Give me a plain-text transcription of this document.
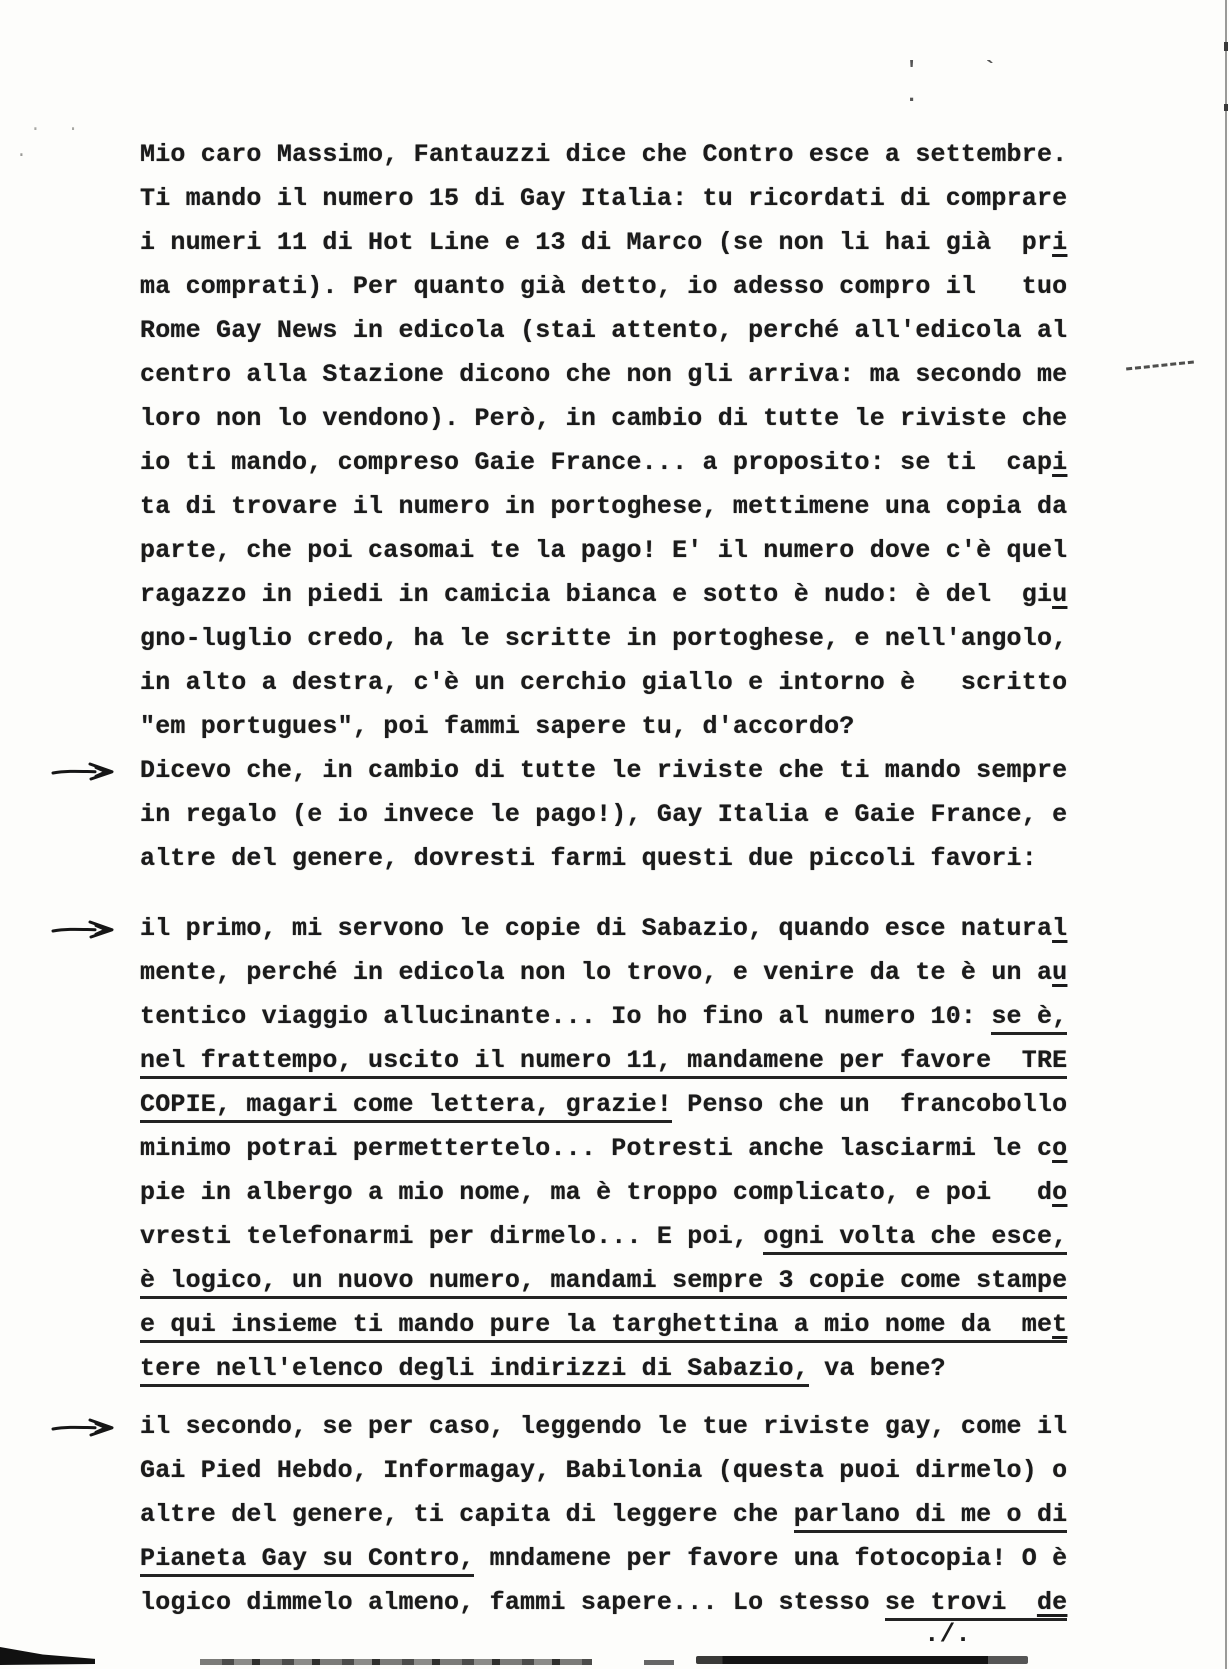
' ` .
. .
.	Mio caro Massimo, Fantauzzi dice che Contro esce a settembre.
Ti mando il numero 15 di Gay Italia: tu ricordati di comprare
i numeri 11 di Hot Line e 13 di Marco (se non li hai già  pri
ma comprati). Per quanto già detto, io adesso compro il   tuo
Rome Gay News in edicola (stai attento, perché all'edicola al
centro alla Stazione dicono che non gli arriva: ma secondo me
loro non lo vendono). Però, in cambio di tutte le riviste che
io ti mando, compreso Gaie France... a proposito: se ti  capi
ta di trovare il numero in portoghese, mettimene una copia da
parte, che poi casomai te la pago! E' il numero dove c'è quel
ragazzo in piedi in camicia bianca e sotto è nudo: è del  giu
gno-luglio credo, ha le scritte in portoghese, e nell'angolo,
in alto a destra, c'è un cerchio giallo e intorno è   scritto
"em portugues", poi fammi sapere tu, d'accordo?
Dicevo che, in cambio di tutte le riviste che ti mando sempre
in regalo (e io invece le pago!), Gay Italia e Gaie France, e
altre del genere, dovresti farmi questi due piccoli favori:
il primo, mi servono le copie di Sabazio, quando esce natural
mente, perché in edicola non lo trovo, e venire da te è un au
tentico viaggio allucinante... Io ho fino al numero 10: se è,
nel frattempo, uscito il numero 11, mandamene per favore  TRE
COPIE, magari come lettera, grazie! Penso che un  francobollo
minimo potrai permettertelo... Potresti anche lasciarmi le co
pie in albergo a mio nome, ma è troppo complicato, e poi   do
vresti telefonarmi per dirmelo... E poi, ogni volta che esce,
è logico, un nuovo numero, mandami sempre 3 copie come stampe
e qui insieme ti mando pure la targhettina a mio nome da  met
tere nell'elenco degli indirizzi di Sabazio, va bene?
il secondo, se per caso, leggendo le tue riviste gay, come il
Gai Pied Hebdo, Informagay, Babilonia (questa puoi dirmelo) o
altre del genere, ti capita di leggere che parlano di me o di
Pianeta Gay su Contro, mndamene per favore una fotocopia! O è
logico dimmelo almeno, fammi sapere... Lo stesso se trovi  de
./.
